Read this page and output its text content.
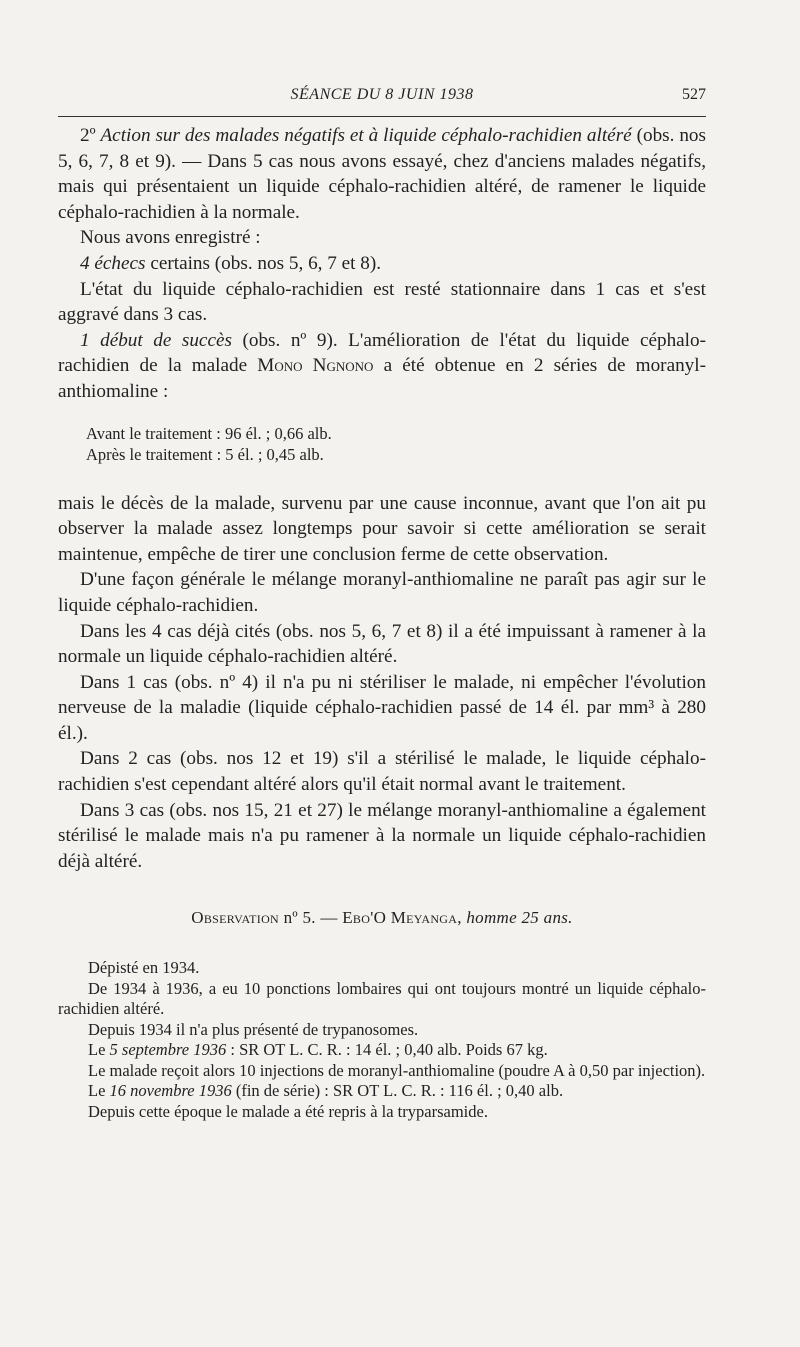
SÉANCE DU 8 JUIN 1938	527

2º Action sur des malades négatifs et à liquide céphalo-rachidien altéré (obs. nos 5, 6, 7, 8 et 9). — Dans 5 cas nous avons essayé, chez d'anciens malades négatifs, mais qui présentaient un liquide céphalo-rachidien altéré, de ramener le liquide céphalo-rachidien à la normale.

Nous avons enregistré :

4 échecs certains (obs. nos 5, 6, 7 et 8).

L'état du liquide céphalo-rachidien est resté stationnaire dans 1 cas et s'est aggravé dans 3 cas.

1 début de succès (obs. nº 9). L'amélioration de l'état du liquide céphalo-rachidien de la malade Mono Ngnono a été obtenue en 2 séries de moranyl-anthiomaline :

Avant le traitement : 96 él. ; 0,66 alb.
Après le traitement : 5 él. ; 0,45 alb.

mais le décès de la malade, survenu par une cause inconnue, avant que l'on ait pu observer la malade assez longtemps pour savoir si cette amélioration se serait maintenue, empêche de tirer une conclusion ferme de cette observation.

D'une façon générale le mélange moranyl-anthiomaline ne paraît pas agir sur le liquide céphalo-rachidien.

Dans les 4 cas déjà cités (obs. nos 5, 6, 7 et 8) il a été impuissant à ramener à la normale un liquide céphalo-rachidien altéré.

Dans 1 cas (obs. nº 4) il n'a pu ni stériliser le malade, ni empêcher l'évolution nerveuse de la maladie (liquide céphalo-rachidien passé de 14 él. par mm³ à 280 él.).

Dans 2 cas (obs. nos 12 et 19) s'il a stérilisé le malade, le liquide céphalo-rachidien s'est cependant altéré alors qu'il était normal avant le traitement.

Dans 3 cas (obs. nos 15, 21 et 27) le mélange moranyl-anthiomaline a également stérilisé le malade mais n'a pu ramener à la normale un liquide céphalo-rachidien déjà altéré.

Observation nº 5. — Ebo'O Meyanga, homme 25 ans.

Dépisté en 1934.

De 1934 à 1936, a eu 10 ponctions lombaires qui ont toujours montré un liquide céphalo-rachidien altéré.

Depuis 1934 il n'a plus présenté de trypanosomes.

Le 5 septembre 1936 : SR OT L. C. R. : 14 él. ; 0,40 alb. Poids 67 kg.

Le malade reçoit alors 10 injections de moranyl-anthiomaline (poudre A à 0,50 par injection).

Le 16 novembre 1936 (fin de série) : SR OT L. C. R. : 116 él. ; 0,40 alb.

Depuis cette époque le malade a été repris à la tryparsamide.
